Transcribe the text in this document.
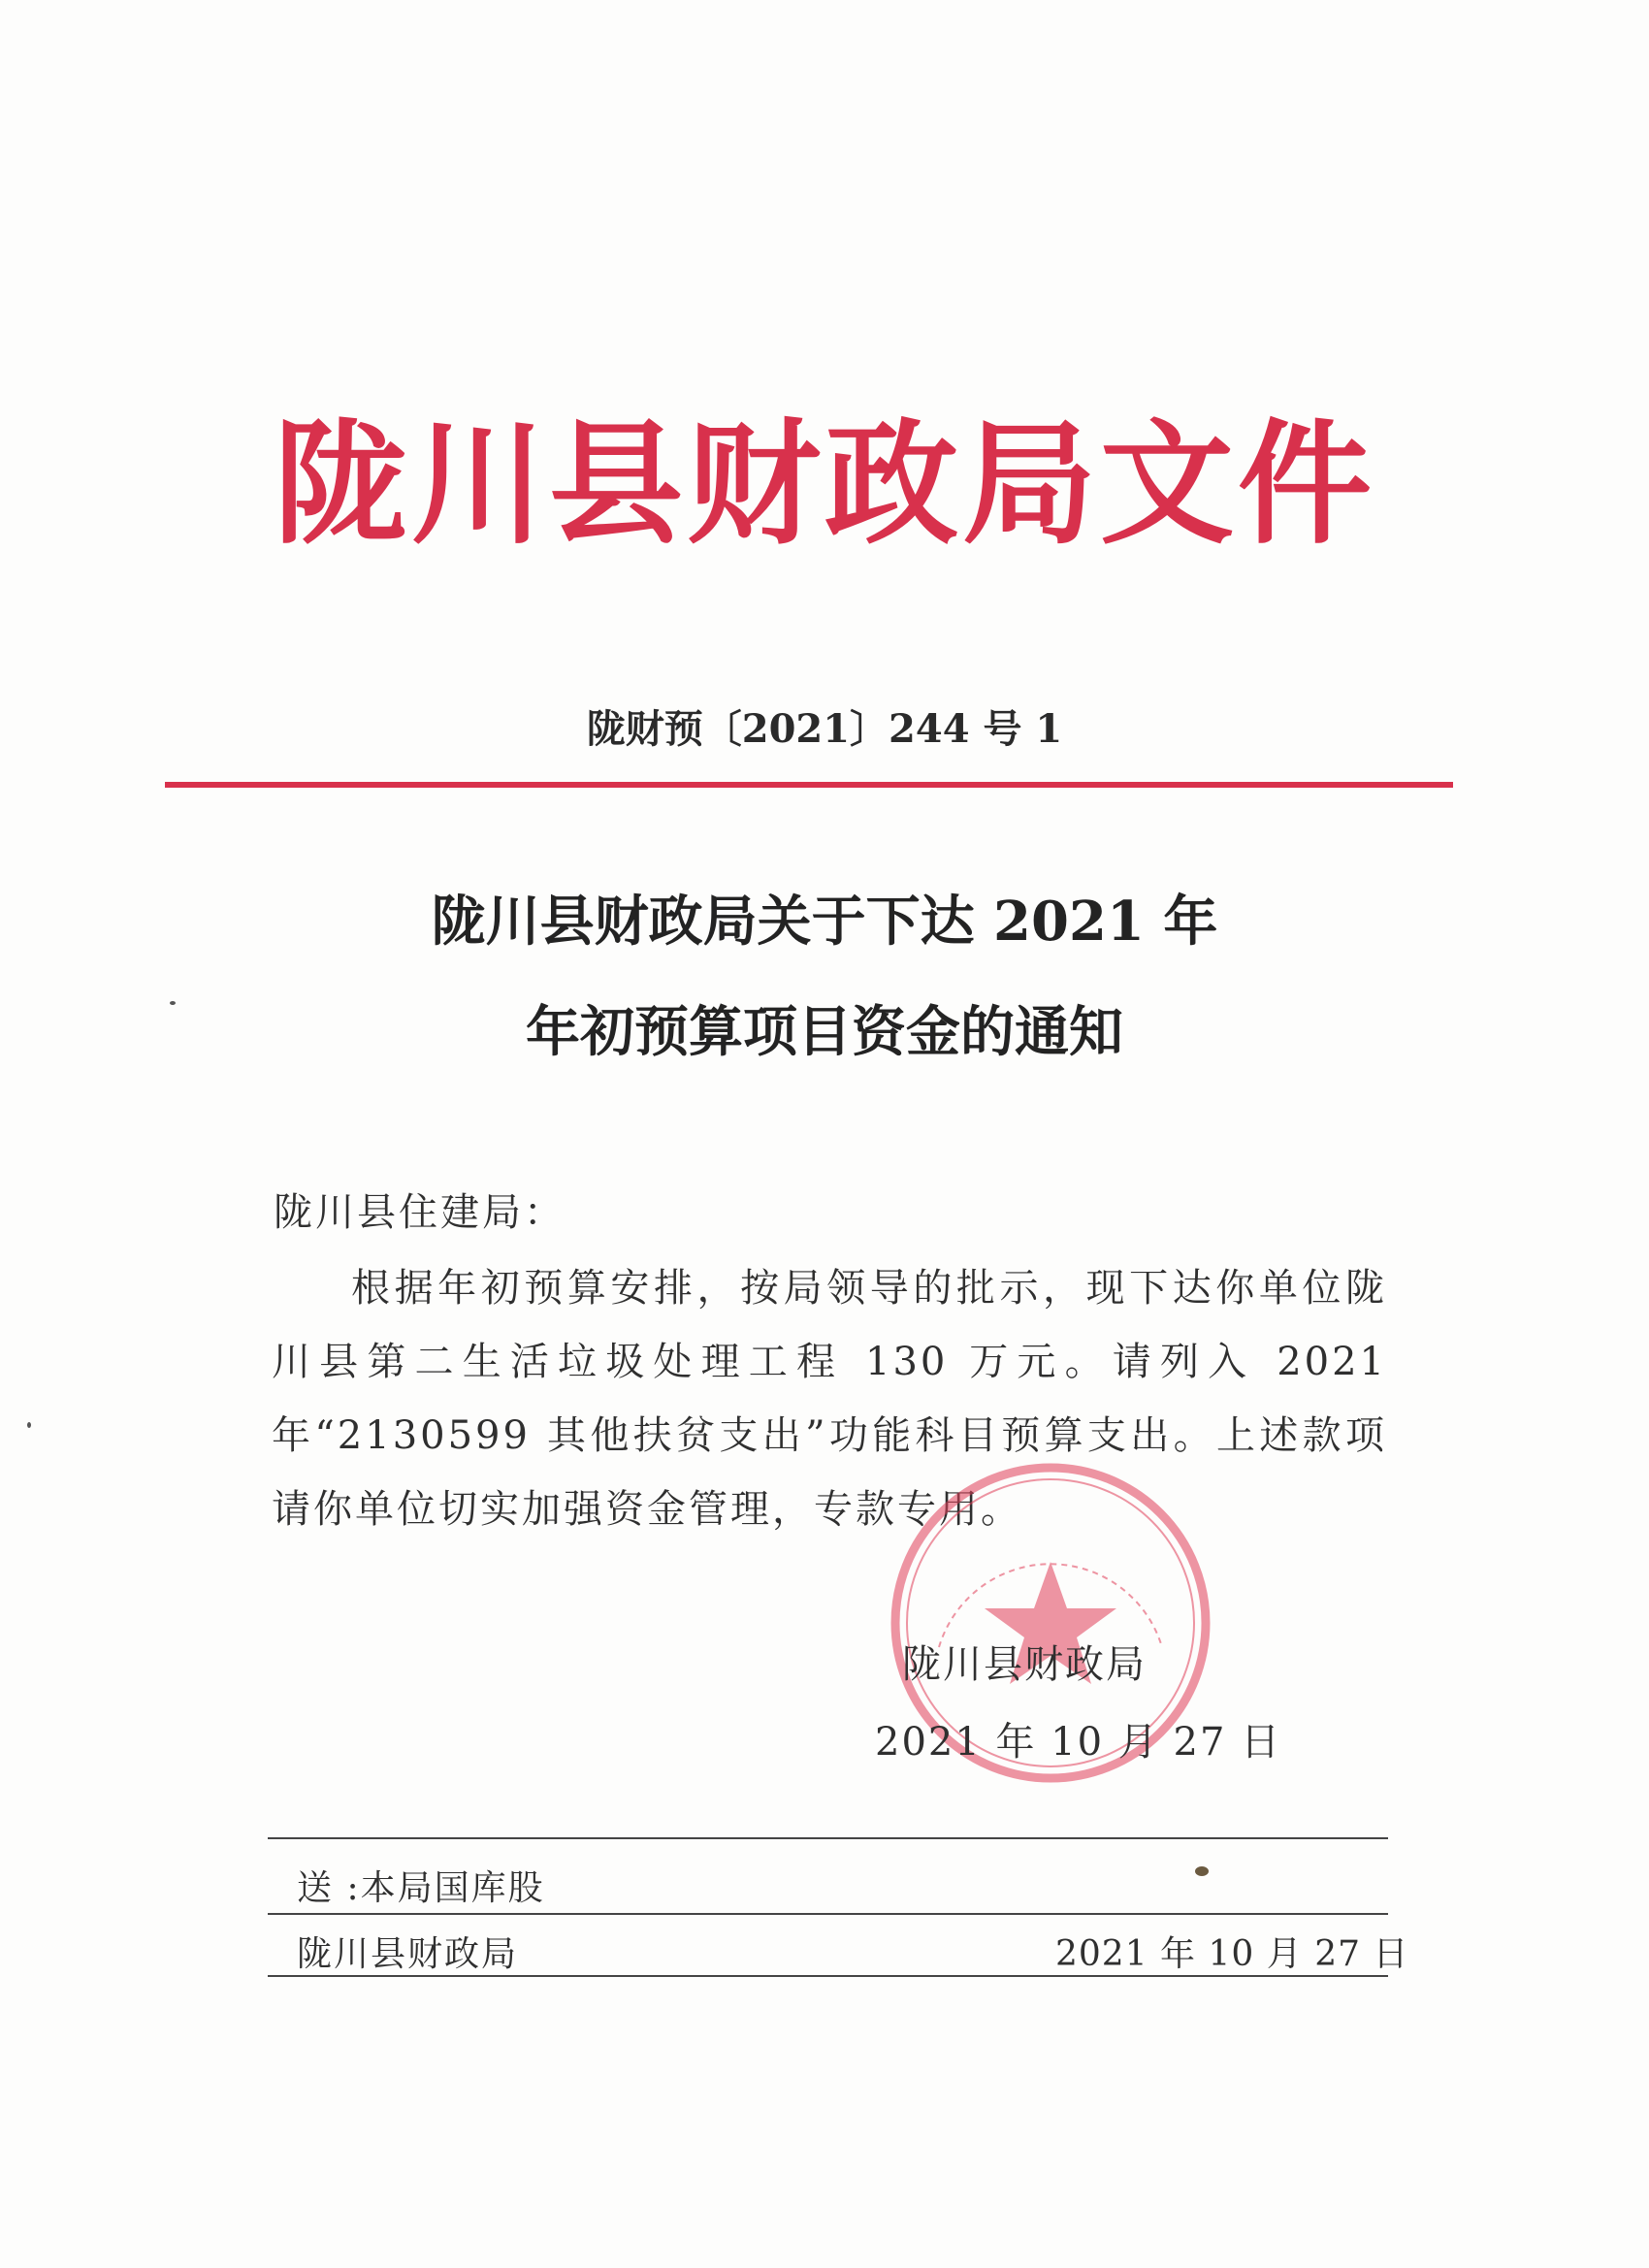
陇川县财政局文件
陇财预〔2021〕244 号 1
陇川县财政局关于下达 2021 年
年初预算项目资金的通知
陇川县住建局：
根据年初预算安排，按局领导的批示，现下达你单位陇川县第二生活垃圾处理工程 130 万元。请列入 2021 年“2130599 其他扶贫支出”功能科目预算支出。上述款项请你单位切实加强资金管理，专款专用。
陇川县财政局
2021 年 10 月 27 日
送 :本局国库股
陇川县财政局	2021 年 10 月 27 日
